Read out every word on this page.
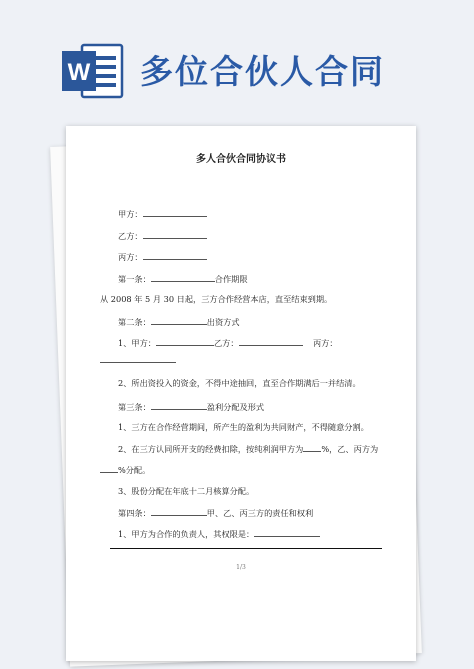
W 多位合伙人合同
多人合伙合同协议书
甲方：
乙方：
丙方：
第一条：	合作期限
从 2008 年 5 月 30 日起，三方合作经营本店，直至结束到期。
第二条：	出资方式
1、甲方：	乙方：	丙方：
2、所出资投入的资金，不得中途抽回，直至合作期满后一并结清。
第三条：	盈利分配及形式
1、三方在合作经营期间，所产生的盈利为共同财产，不得随意分割。
2、在三方认同所开支的经费扣除，按纯利润甲方为 %，乙、丙方为
%分配。
3、股份分配在年底十二月核算分配。
第四条：	甲、乙、丙三方的责任和权利
1、甲方为合作的负责人，其权限是：
1/3
